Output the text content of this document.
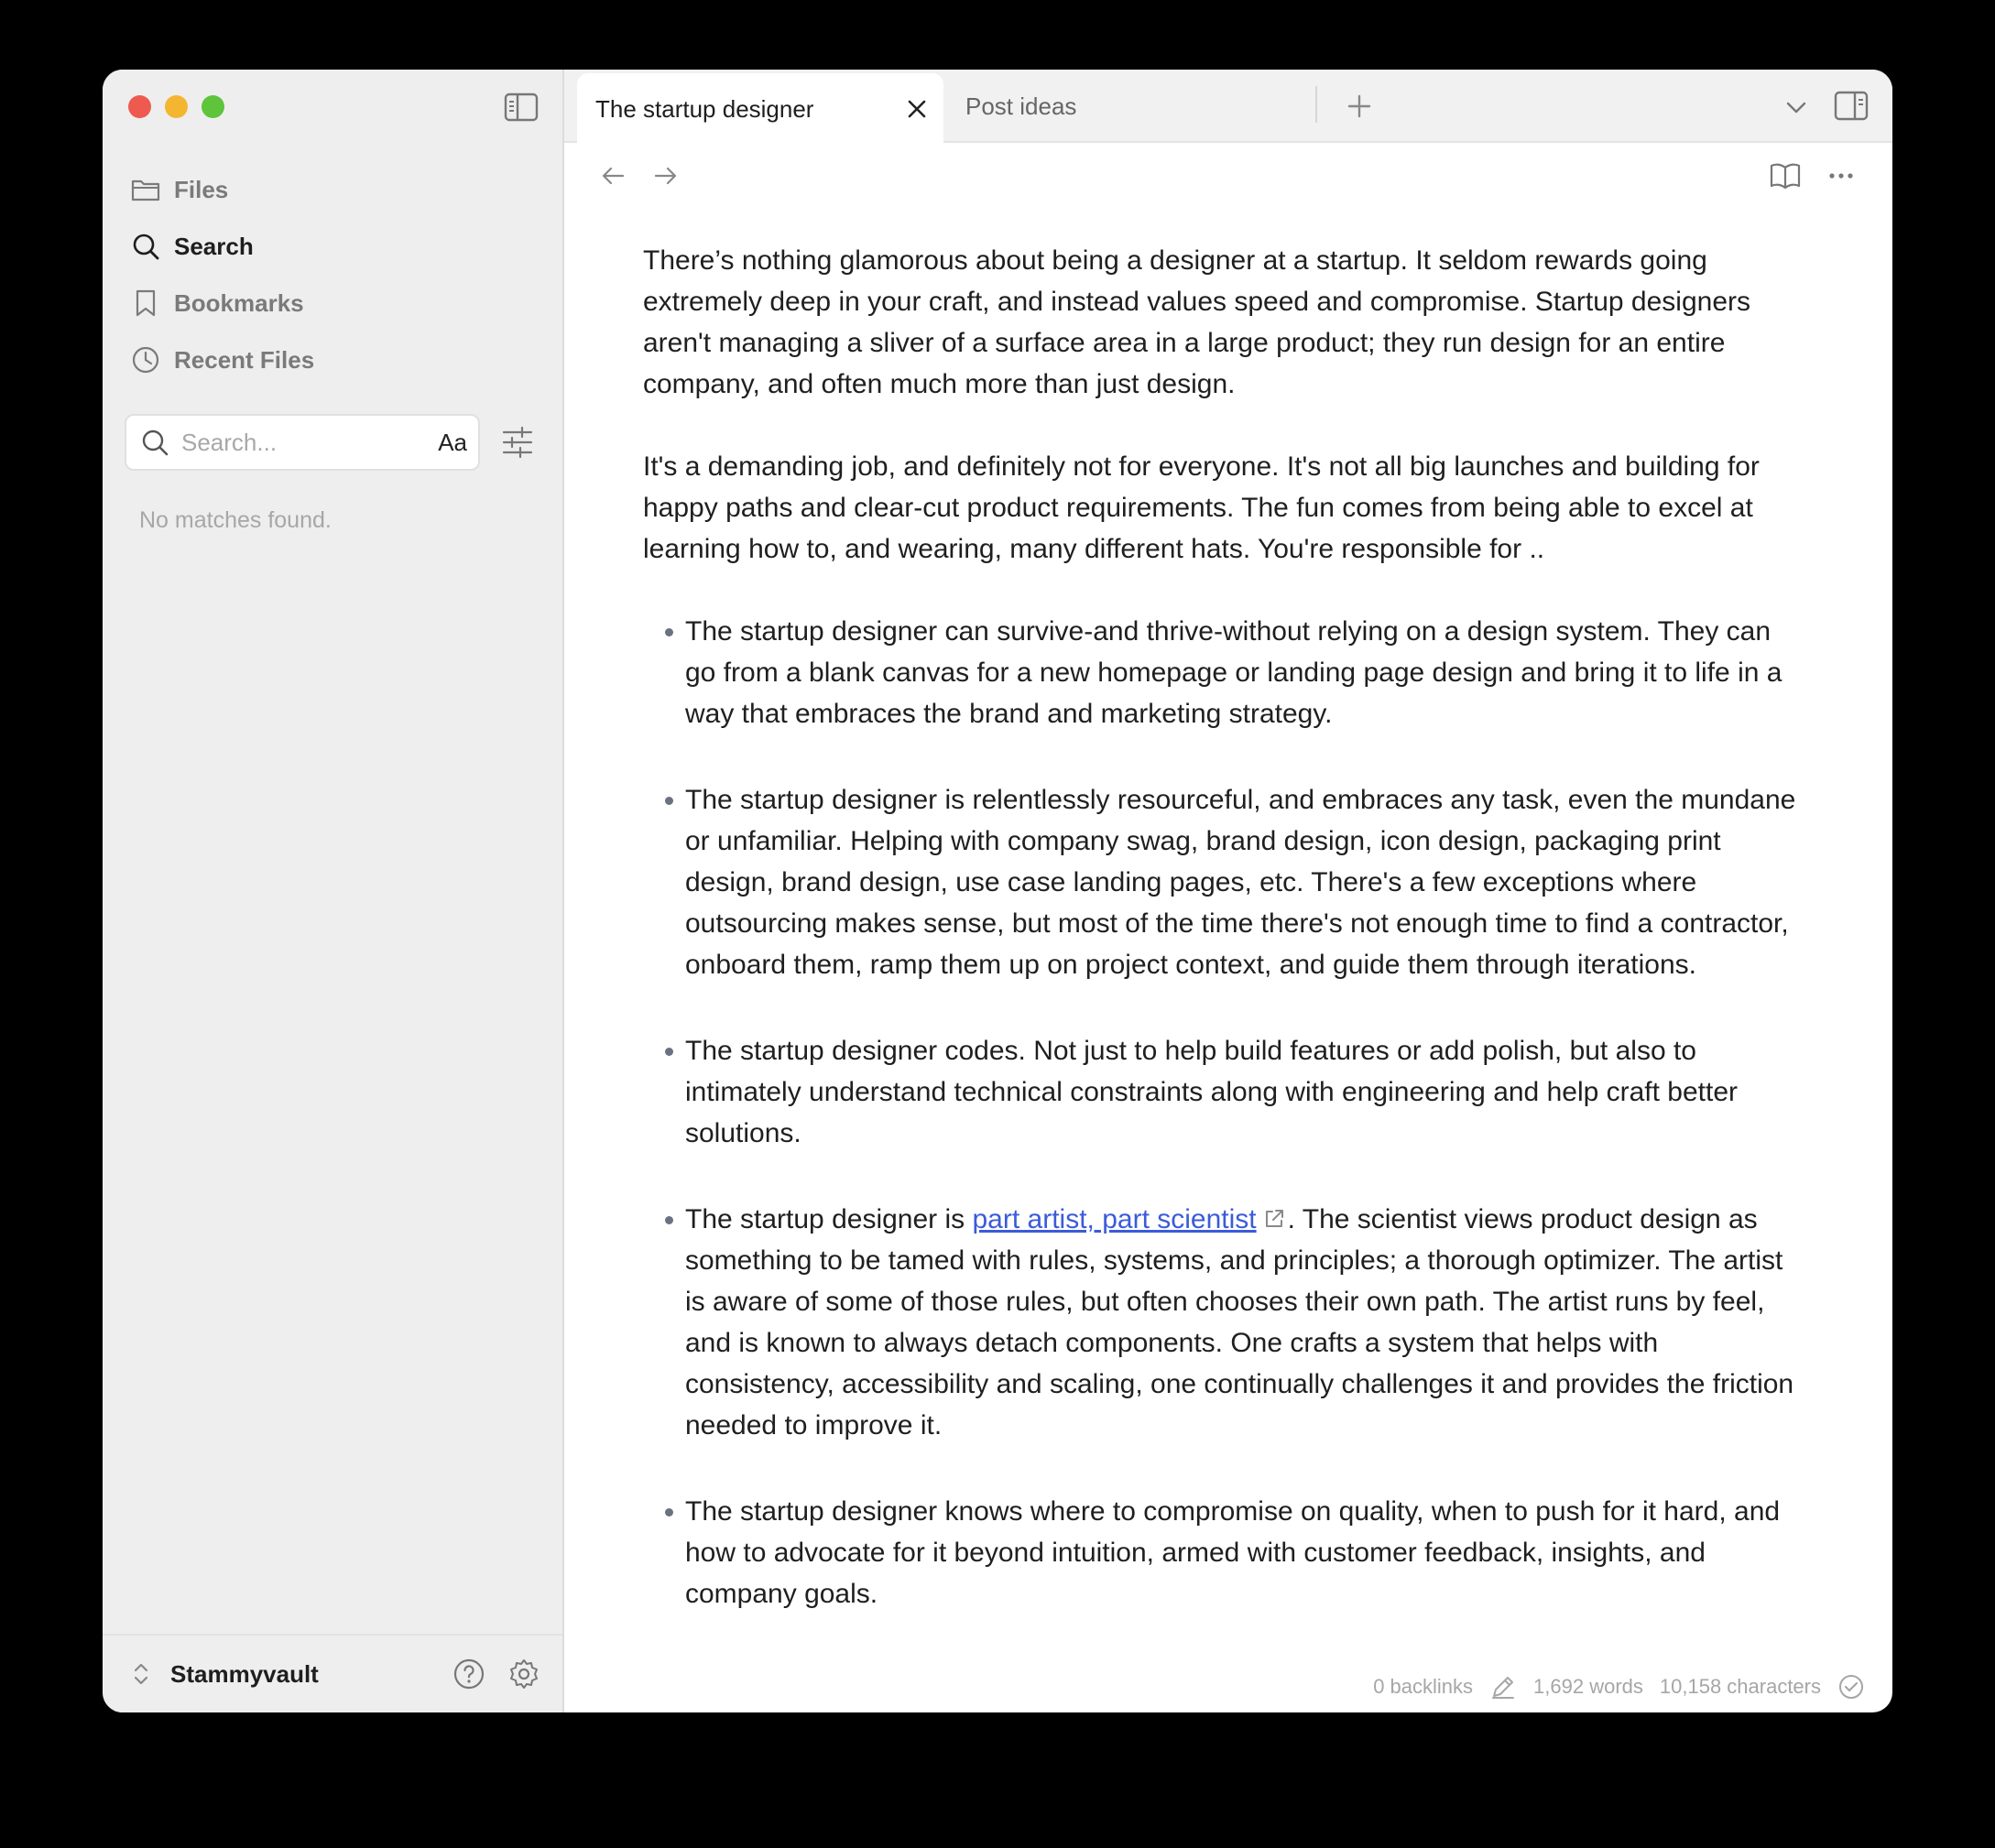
Files
Search
Bookmarks
Recent Files
Search...
Aa
No matches found.
Stammyvault
The startup designer	Post ideas

There’s nothing glamorous about being a designer at a startup. It seldom rewards going extremely deep in your craft, and instead values speed and compromise. Startup designers aren't managing a sliver of a surface area in a large product; they run design for an entire company, and often much more than just design.

It's a demanding job, and definitely not for everyone. It's not all big launches and building for happy paths and clear-cut product requirements. The fun comes from being able to excel at learning how to, and wearing, many different hats. You're responsible for ..

The startup designer can survive-and thrive-without relying on a design system. They can go from a blank canvas for a new homepage or landing page design and bring it to life in a way that embraces the brand and marketing strategy.
The startup designer is relentlessly resourceful, and embraces any task, even the mundane or unfamiliar. Helping with company swag, brand design, icon design, packaging print design, brand design, use case landing pages, etc. There's a few exceptions where outsourcing makes sense, but most of the time there's not enough time to find a contractor, onboard them, ramp them up on project context, and guide them through iterations.
The startup designer codes. Not just to help build features or add polish, but also to intimately understand technical constraints along with engineering and help craft better solutions.
The startup designer is part artist, part scientist . The scientist views product design as something to be tamed with rules, systems, and principles; a thorough optimizer. The artist is aware of some of those rules, but often chooses their own path. The artist runs by feel, and is known to always detach components. One crafts a system that helps with consistency, accessibility and scaling, one continually challenges it and provides the friction needed to improve it.
The startup designer knows where to compromise on quality, when to push for it hard, and how to advocate for it beyond intuition, armed with customer feedback, insights, and company goals.
0 backlinks	1,692 words 10,158 characters
